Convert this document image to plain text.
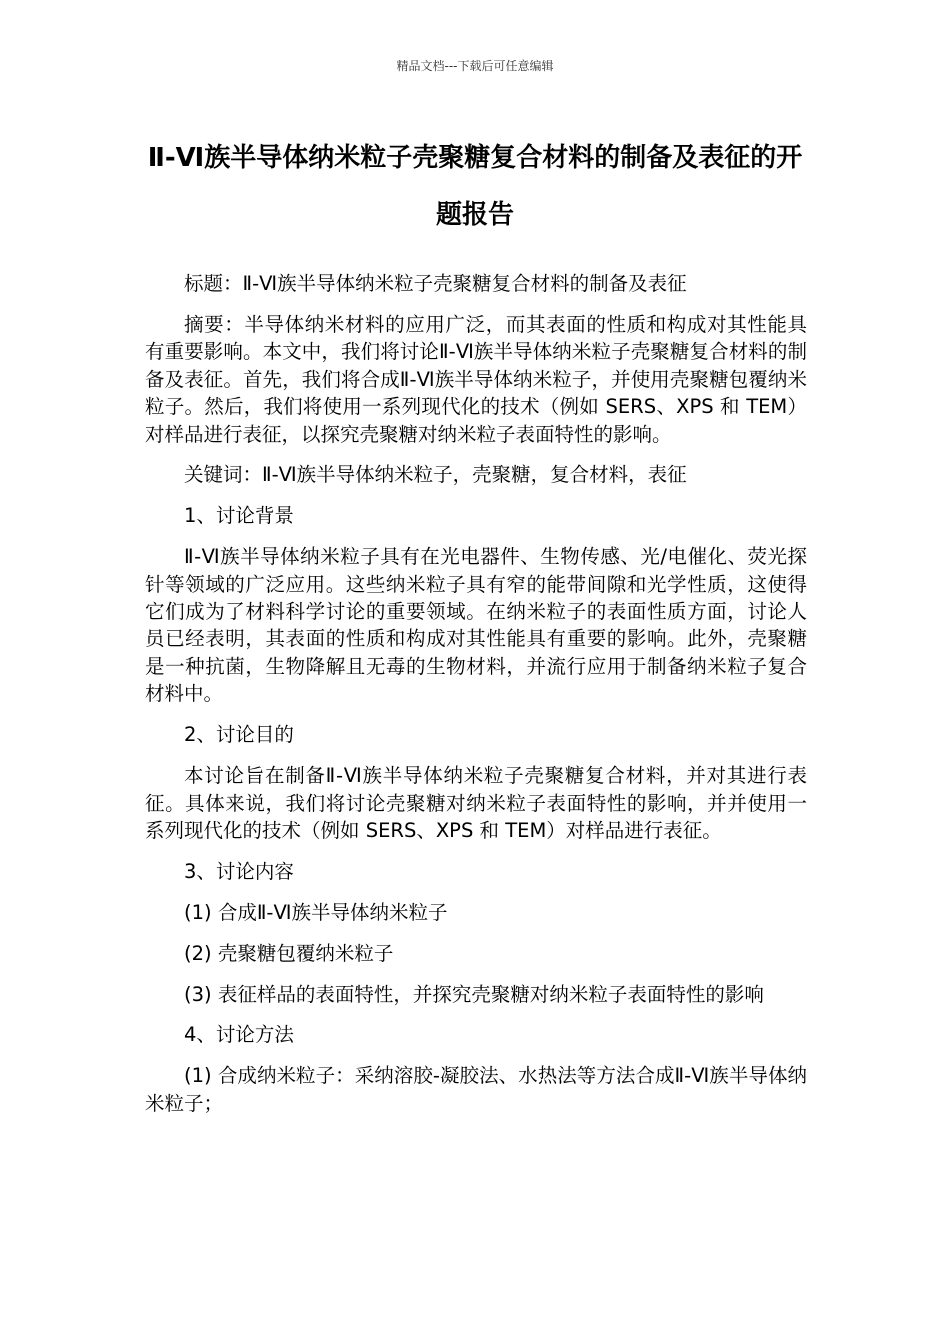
精品文档---下载后可任意编辑
Ⅱ-Ⅵ族半导体纳米粒子壳聚糖复合材料的制备及表征的开题报告

标题：Ⅱ-Ⅵ族半导体纳米粒子壳聚糖复合材料的制备及表征

摘要：半导体纳米材料的应用广泛，而其表面的性质和构成对其性能具有重要影响。本文中，我们将讨论Ⅱ-Ⅵ族半导体纳米粒子壳聚糖复合材料的制备及表征。首先，我们将合成Ⅱ-Ⅵ族半导体纳米粒子，并使用壳聚糖包覆纳米粒子。然后，我们将使用一系列现代化的技术（例如 SERS、XPS 和 TEM）对样品进行表征，以探究壳聚糖对纳米粒子表面特性的影响。

关键词：Ⅱ-Ⅵ族半导体纳米粒子，壳聚糖，复合材料，表征

1、讨论背景

Ⅱ-Ⅵ族半导体纳米粒子具有在光电器件、生物传感、光/电催化、荧光探针等领域的广泛应用。这些纳米粒子具有窄的能带间隙和光学性质，这使得它们成为了材料科学讨论的重要领域。在纳米粒子的表面性质方面，讨论人员已经表明，其表面的性质和构成对其性能具有重要的影响。此外，壳聚糖是一种抗菌，生物降解且无毒的生物材料，并流行应用于制备纳米粒子复合材料中。

2、讨论目的

本讨论旨在制备Ⅱ-Ⅵ族半导体纳米粒子壳聚糖复合材料，并对其进行表征。具体来说，我们将讨论壳聚糖对纳米粒子表面特性的影响，并并使用一系列现代化的技术（例如 SERS、XPS 和 TEM）对样品进行表征。

3、讨论内容

(1) 合成Ⅱ-Ⅵ族半导体纳米粒子

(2) 壳聚糖包覆纳米粒子

(3) 表征样品的表面特性，并探究壳聚糖对纳米粒子表面特性的影响

4、讨论方法

(1) 合成纳米粒子：采纳溶胶-凝胶法、水热法等方法合成Ⅱ-Ⅵ族半导体纳米粒子；
